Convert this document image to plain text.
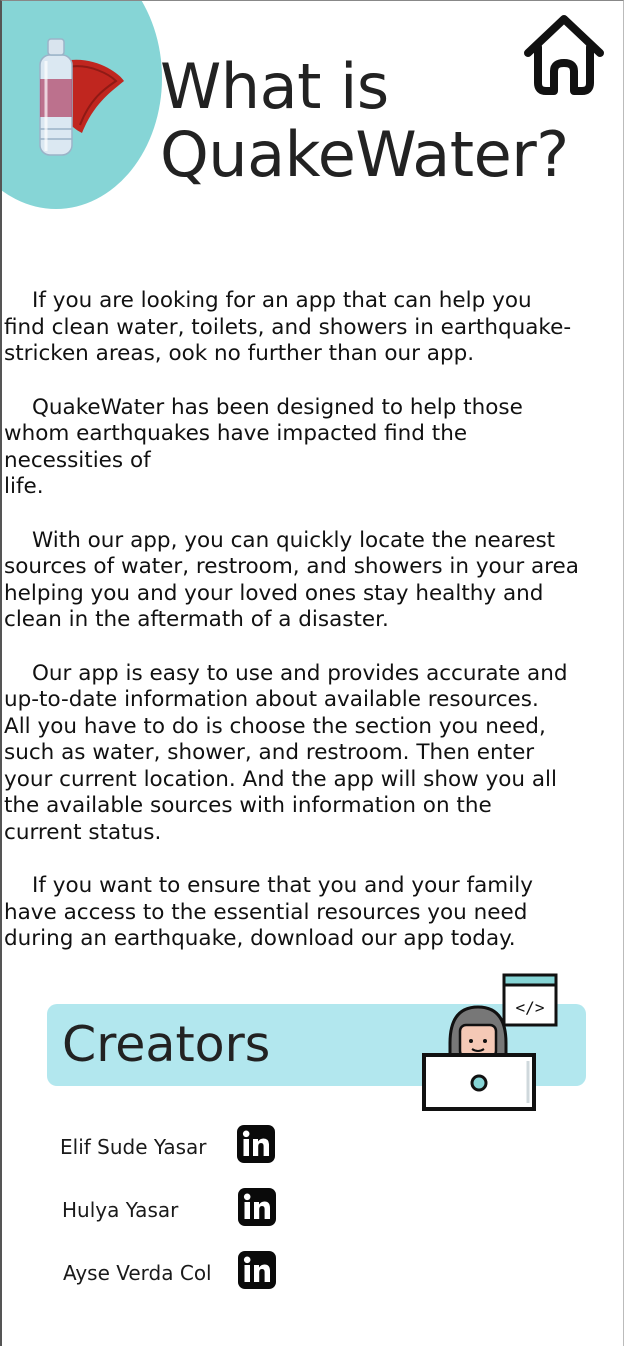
What is QuakeWater?

If you are looking for an app that can help you
find clean water, toilets, and showers in earthquake-
stricken areas, ook no further than our app.

QuakeWater has been designed to help those
whom earthquakes have impacted find the
necessities of
life.

With our app, you can quickly locate the nearest
sources of water, restroom, and showers in your area
helping you and your loved ones stay healthy and
clean in the aftermath of a disaster.

Our app is easy to use and provides accurate and
up-to-date information about available resources.
All you have to do is choose the section you need,
such as water, shower, and restroom. Then enter
your current location. And the app will show you all
the available sources with information on the
current status.

If you want to ensure that you and your family
have access to the essential resources you need
during an earthquake, download our app today.

Creators
</>
Elif Sude Yasar
Hulya Yasar
Ayse Verda Col
